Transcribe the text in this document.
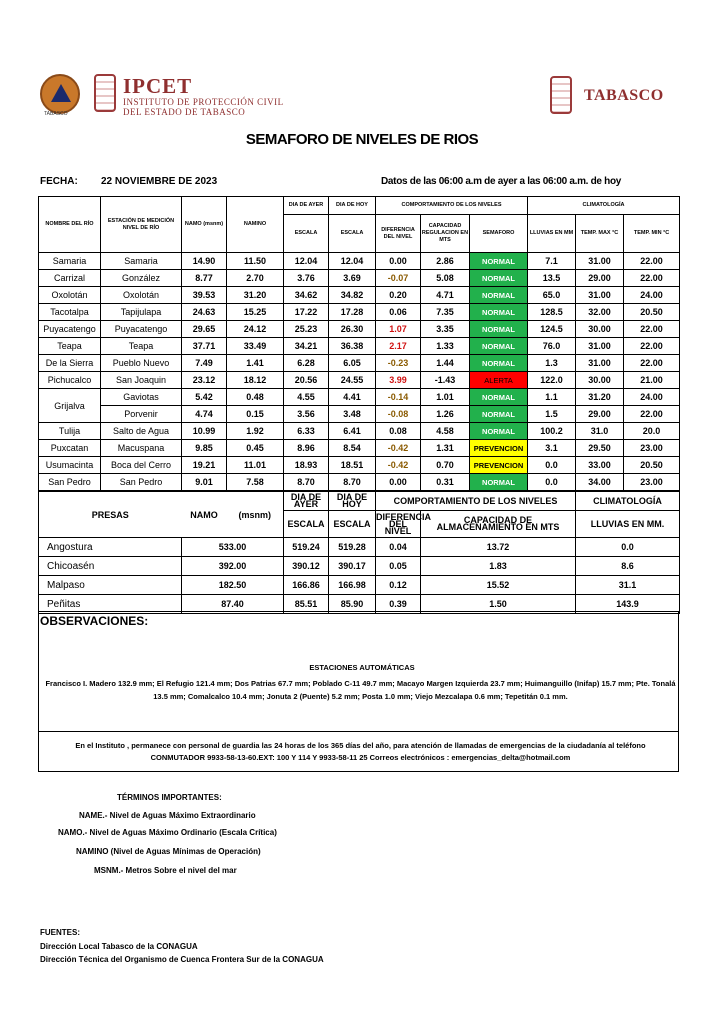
TABASCO
IPCET
INSTITUTO DE PROTECCIÓN CIVIL
DEL ESTADO DE TABASCO
TABASCO
SEMAFORO DE NIVELES DE RIOS
FECHA: 22 NOVIEMBRE DE 2023	Datos de las 06:00 a.m de ayer a las 06:00 a.m. de hoy
NOMBRE DEL RÍO	ESTACIÓN DE MEDICIÓN NIVEL DE RÍO	NAMO (msnm)	NAMINO	DIA DE AYER	DIA DE HOY	COMPORTAMIENTO DE LOS NIVELES			CLIMATOLOGÍA		
				ESCALA	ESCALA	DIFERENCIA DEL NIVEL	CAPACIDAD REGULACION EN MTS	SEMAFORO	LLUVIAS EN MM	TEMP. MAX °C	TEMP. MIN °C
Samaria	Samaria	14.90	11.50	12.04	12.04	0.00	2.86	NORMAL	7.1	31.00	22.00
Carrizal	González	8.77	2.70	3.76	3.69	-0.07	5.08	NORMAL	13.5	29.00	22.00
Oxolotán	Oxolotán	39.53	31.20	34.62	34.82	0.20	4.71	NORMAL	65.0	31.00	24.00
Tacotalpa	Tapijulapa	24.63	15.25	17.22	17.28	0.06	7.35	NORMAL	128.5	32.00	20.50
Puyacatengo	Puyacatengo	29.65	24.12	25.23	26.30	1.07	3.35	NORMAL	124.5	30.00	22.00
Teapa	Teapa	37.71	33.49	34.21	36.38	2.17	1.33	NORMAL	76.0	31.00	22.00
De la Sierra	Pueblo Nuevo	7.49	1.41	6.28	6.05	-0.23	1.44	NORMAL	1.3	31.00	22.00
Pichucalco	San Joaquin	23.12	18.12	20.56	24.55	3.99	-1.43	ALERTA	122.0	30.00	21.00
Grijalva	Gaviotas	5.42	0.48	4.55	4.41	-0.14	1.01	NORMAL	1.1	31.20	24.00
	Porvenir	4.74	0.15	3.56	3.48	-0.08	1.26	NORMAL	1.5	29.00	22.00
Tulija	Salto de Agua	10.99	1.92	6.33	6.41	0.08	4.58	NORMAL	100.2	31.0	20.0
Puxcatan	Macuspana	9.85	0.45	8.96	8.54	-0.42	1.31	PREVENCION	3.1	29.50	23.00
Usumacinta	Boca del Cerro	19.21	11.01	18.93	18.51	-0.42	0.70	PREVENCION	0.0	33.00	20.50
San Pedro	San Pedro	9.01	7.58	8.70	8.70	0.00	0.31	NORMAL	0.0	34.00	23.00
PRESAS	NAMO	(msnm)	DIA DE AYER	DIA DE HOY	COMPORTAMIENTO DE LOS NIVELES		CLIMATOLOGÍA
			ESCALA	ESCALA	DIFERENCIA DEL NIVEL	CAPACIDAD DE ALMACENAMIENTO EN MTS	LLUVIAS EN MM.
Angostura	533.00	519.24	519.28	0.04	13.72	0.0
Chicoasén	392.00	390.12	390.17	0.05	1.83	8.6
Malpaso	182.50	166.86	166.98	0.12	15.52	31.1
Peñitas	87.40	85.51	85.90	0.39	1.50	143.9
OBSERVACIONES:
ESTACIONES AUTOMÁTICAS
Francisco I. Madero 132.9 mm; El Refugio 121.4 mm; Dos Patrias 67.7 mm; Poblado C-11 49.7 mm; Macayo Margen Izquierda 23.7 mm; Huimanguillo (Inifap) 15.7 mm; Pte. Tonalá 13.5 mm; Comalcalco 10.4 mm; Jonuta 2 (Puente) 5.2 mm; Posta 1.0 mm; Viejo Mezcalapa 0.6 mm; Tepetitán 0.1 mm.
En el Instituto , permanece con personal de guardia las 24 horas de los 365 días del año, para atención de llamadas de emergencias de la ciudadanía al teléfono
CONMUTADOR 9933-58-13-60.EXT: 100 Y 114 Y 9933-58-11 25 Correos electrónicos : emergencias_delta@hotmail.com
TÉRMINOS IMPORTANTES:
NAME.- Nivel de Aguas Máximo Extraordinario
NAMO.- Nivel de Aguas Máximo Ordinario (Escala Crítica)
NAMINO (Nivel de Aguas Mínimas de Operación)
MSNM.- Metros Sobre el nivel del mar
FUENTES:
Dirección Local Tabasco de la CONAGUA
Dirección Técnica del Organismo de Cuenca Frontera Sur de la CONAGUA
